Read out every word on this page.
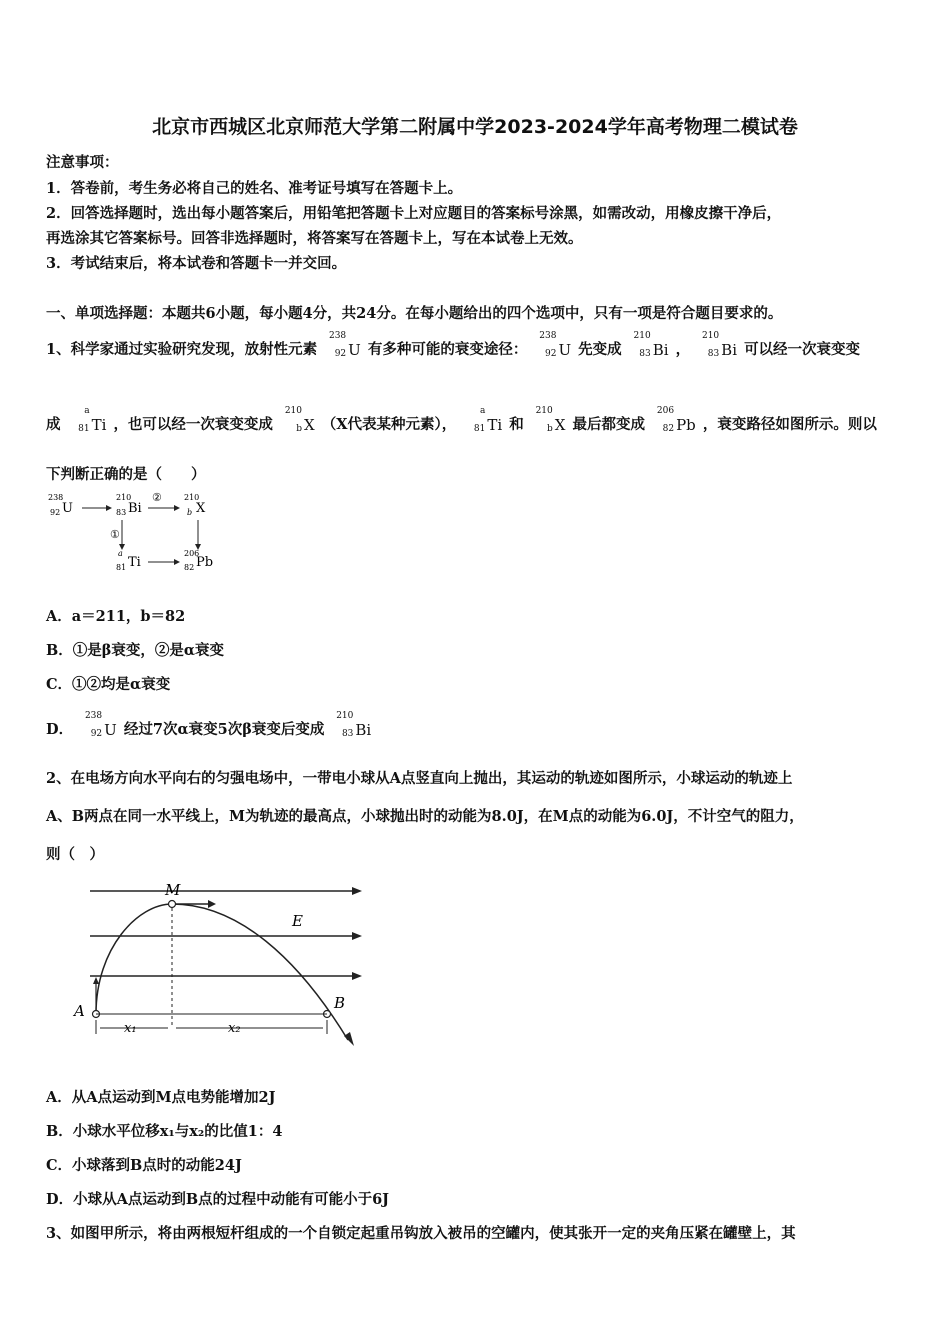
北京市西城区北京师范大学第二附属中学2023-2024学年高考物理二模试卷
注意事项：
1．答卷前，考生务必将自己的姓名、准考证号填写在答题卡上。
2．回答选择题时，选出每小题答案后，用铅笔把答题卡上对应题目的答案标号涂黑，如需改动，用橡皮擦干净后，
再选涂其它答案标号。回答非选择题时，将答案写在答题卡上，写在本试卷上无效。
3．考试结束后，将本试卷和答题卡一并交回。
一、单项选择题：本题共6小题，每小题4分，共24分。在每小题给出的四个选项中，只有一项是符合题目要求的。
1、科学家通过实验研究发现，放射性元素
238
92 U 有多种可能的衰变途径：
238
92 U 先变成
210
83 Bi ，
210
83 Bi 可以经一次衰变变
成
a
81 Ti ，也可以经一次衰变变成
210
b X （X代表某种元素），
a
81 Ti 和
210
b X 最后都变成
206
82 Pb ，衰变路径如图所示。则以
下判断正确的是（　　）
238
92 U
210
83 Bi
②	210
b X
①
a
81 Ti
206
82 Pb
A．a＝211，b＝82
B．①是β衰变，②是α衰变
C．①②均是α衰变
D．
238
92 U 经过7次α衰变5次β衰变后变成
210
83 Bi
2、在电场方向水平向右的匀强电场中，一带电小球从A点竖直向上抛出，其运动的轨迹如图所示，小球运动的轨迹上
A、B两点在同一水平线上，M为轨迹的最高点，小球抛出时的动能为8.0J，在M点的动能为6.0J，不计空气的阻力，
则（　）
M
E
A	B
x₁	x₂
A．从A点运动到M点电势能增加2J
B．小球水平位移x₁与x₂的比值1：4
C．小球落到B点时的动能24J
D．小球从A点运动到B点的过程中动能有可能小于6J
3、如图甲所示，将由两根短杆组成的一个自锁定起重吊钩放入被吊的空罐内，使其张开一定的夹角压紧在罐壁上，其
